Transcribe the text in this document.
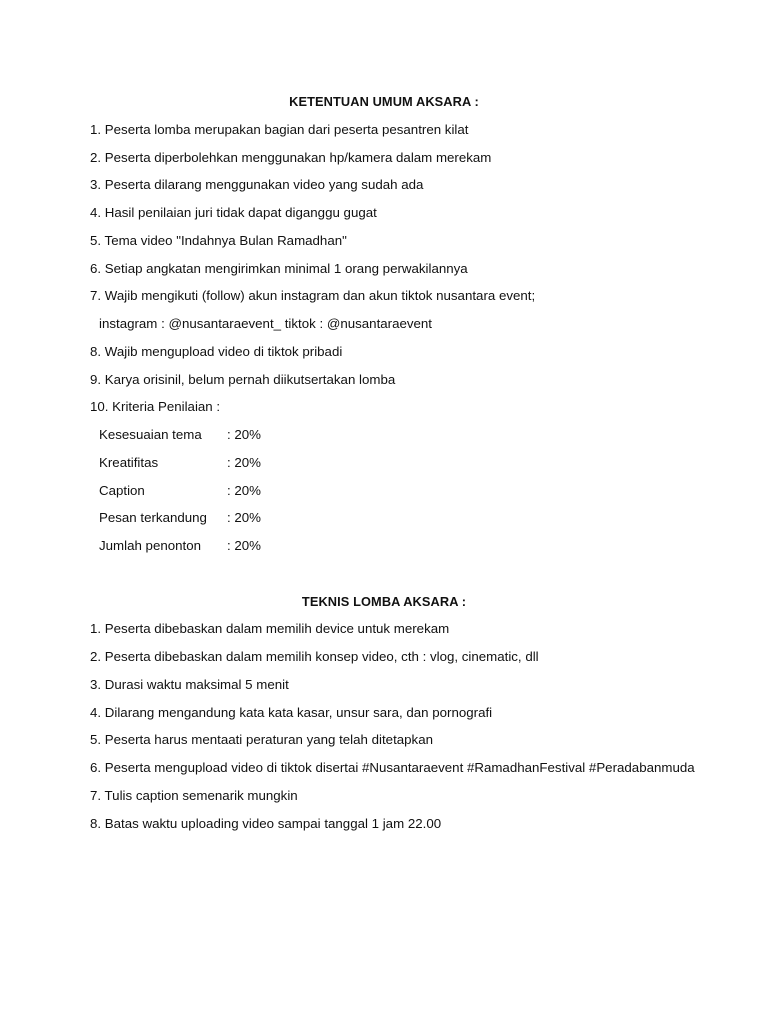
KETENTUAN UMUM AKSARA :
1. Peserta lomba merupakan bagian dari peserta pesantren kilat
2. Peserta diperbolehkan menggunakan hp/kamera dalam merekam
3. Peserta dilarang menggunakan video yang sudah ada
4. Hasil penilaian juri tidak dapat diganggu gugat
5. Tema video "Indahnya Bulan Ramadhan"
6. Setiap angkatan mengirimkan minimal 1 orang perwakilannya
7. Wajib mengikuti (follow) akun instagram dan akun tiktok nusantara event;
instagram : @nusantaraevent_ tiktok : @nusantaraevent
8. Wajib mengupload video di tiktok pribadi
9. Karya orisinil, belum pernah diikutsertakan lomba
10. Kriteria Penilaian :
Kesesuaian tema : 20%
Kreatifitas	: 20%
Caption	: 20%
Pesan terkandung : 20%
Jumlah penonton : 20%
TEKNIS LOMBA AKSARA :
1. Peserta dibebaskan dalam memilih device untuk merekam
2. Peserta dibebaskan dalam memilih konsep video, cth : vlog, cinematic, dll
3. Durasi waktu maksimal 5 menit
4. Dilarang mengandung kata kata kasar, unsur sara, dan pornografi
5. Peserta harus mentaati peraturan yang telah ditetapkan
6. Peserta mengupload video di tiktok disertai #Nusantaraevent #RamadhanFestival #Peradabanmuda
7. Tulis caption semenarik mungkin
8. Batas waktu uploading video sampai tanggal 1 jam 22.00
